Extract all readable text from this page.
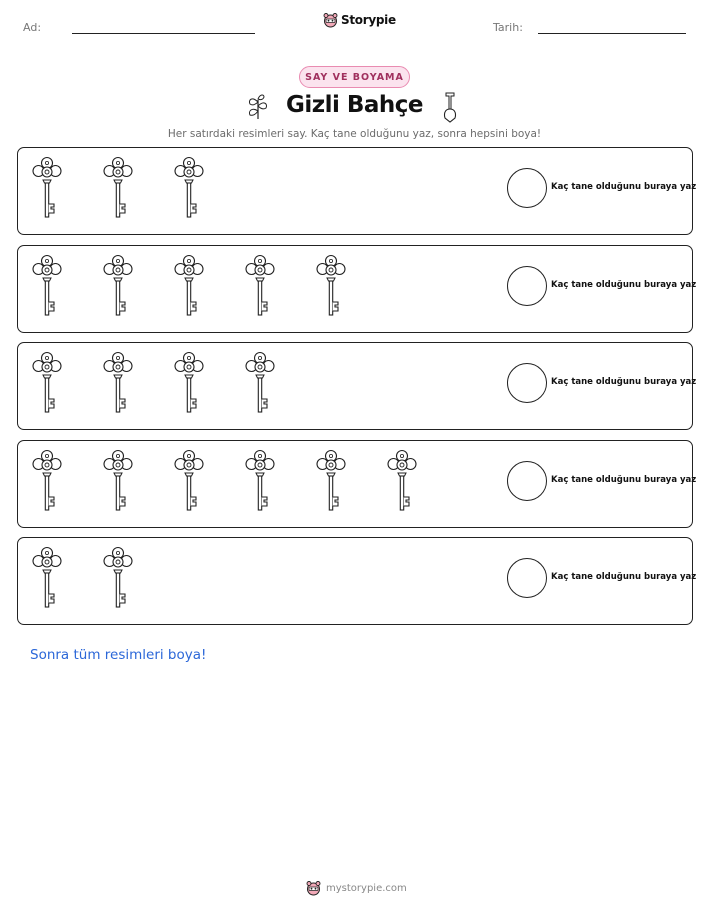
Ad:
Storypie
Tarih:
SAY VE BOYAMA
Gizli Bahçe
Her satırdaki resimleri say. Kaç tane olduğunu yaz, sonra hepsini boya!
Kaç tane olduğunu buraya yaz
Kaç tane olduğunu buraya yaz
Kaç tane olduğunu buraya yaz
Kaç tane olduğunu buraya yaz
Kaç tane olduğunu buraya yaz
Sonra tüm resimleri boya!
mystorypie.com
